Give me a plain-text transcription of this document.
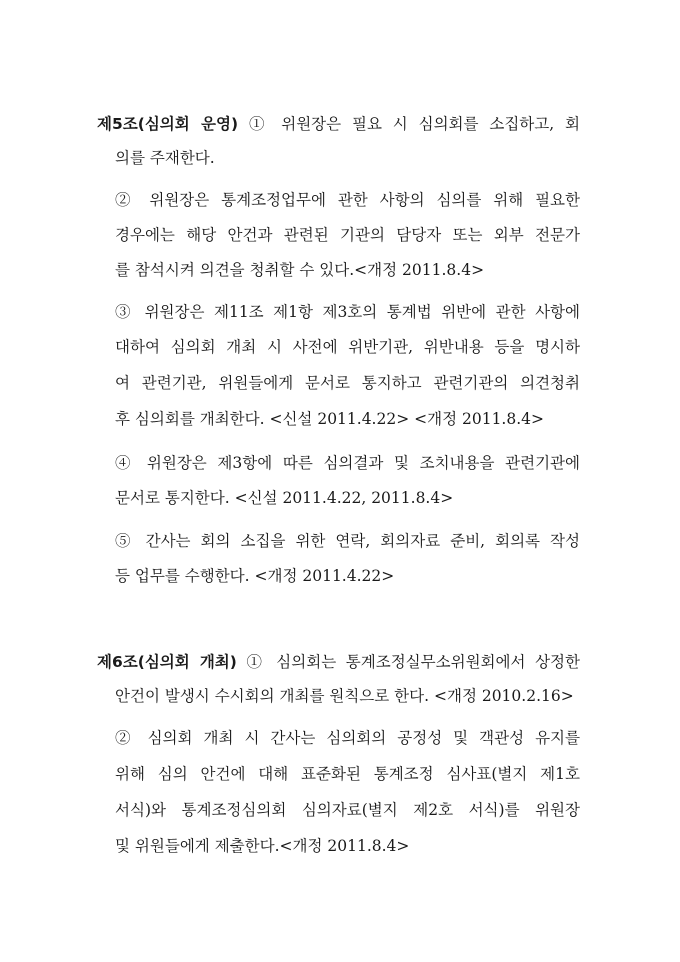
제5조(심의회 운영) ① 위원장은 필요 시 심의회를 소집하고, 회
의를 주재한다.
② 위원장은 통계조정업무에 관한 사항의 심의를 위해 필요한
경우에는 해당 안건과 관련된 기관의 담당자 또는 외부 전문가
를 참석시켜 의견을 청취할 수 있다.<개정 2011.8.4>
③ 위원장은 제11조 제1항 제3호의 통계법 위반에 관한 사항에
대하여 심의회 개최 시 사전에 위반기관, 위반내용 등을 명시하
여 관련기관, 위원들에게 문서로 통지하고 관련기관의 의견청취
후 심의회를 개최한다. <신설 2011.4.22> <개정 2011.8.4>
④ 위원장은 제3항에 따른 심의결과 및 조치내용을 관련기관에
문서로 통지한다. <신설 2011.4.22, 2011.8.4>
⑤ 간사는 회의 소집을 위한 연락, 회의자료 준비, 회의록 작성
등 업무를 수행한다. <개정 2011.4.22>
제6조(심의회 개최) ① 심의회는 통계조정실무소위원회에서 상정한
안건이 발생시 수시회의 개최를 원칙으로 한다. <개정 2010.2.16>
② 심의회 개최 시 간사는 심의회의 공정성 및 객관성 유지를
위해 심의 안건에 대해 표준화된 통계조정 심사표(별지 제1호
서식)와 통계조정심의회 심의자료(별지 제2호 서식)를 위원장
및 위원들에게 제출한다.<개정 2011.8.4>
